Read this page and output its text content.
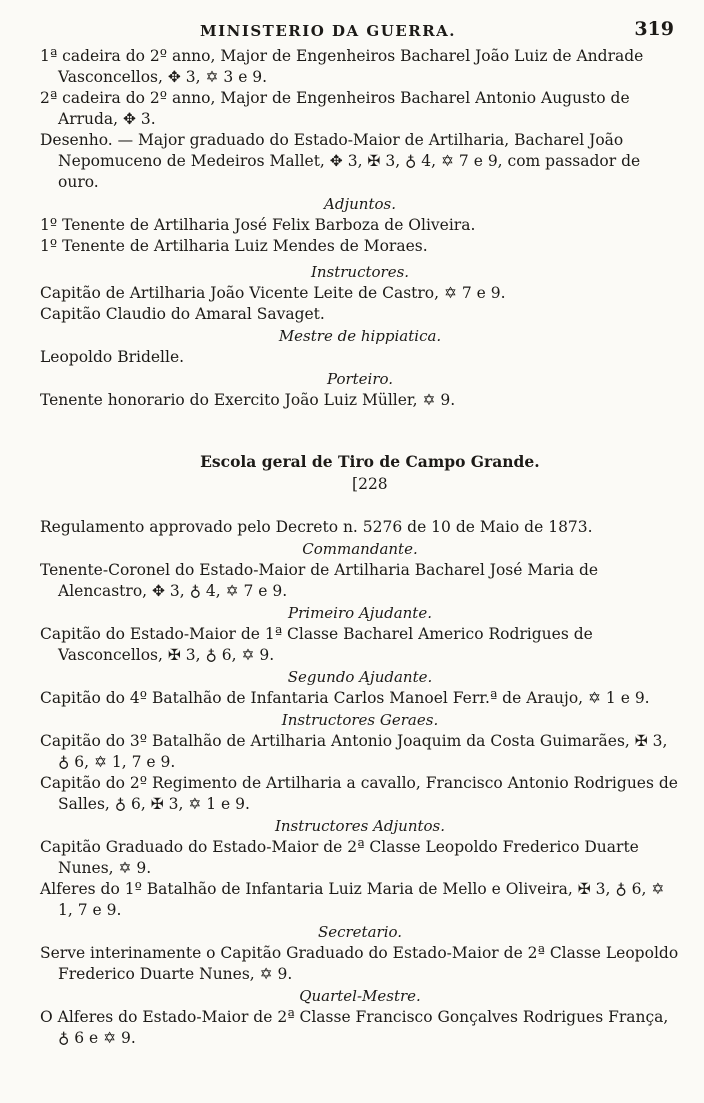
MINISTERIO DA GUERRA.	319
1ª cadeira do 2º anno, Major de Engenheiros Bacharel João Luiz de Andrade Vasconcellos, ✥ 3, ✡ 3 e 9.
2ª cadeira do 2º anno, Major de Engenheiros Bacharel Antonio Augusto de Arruda, ✥ 3.
Desenho. — Major graduado do Estado-Maior de Artilharia, Bacharel João Nepomuceno de Medeiros Mallet, ✥ 3, ✠ 3, ♁ 4, ✡ 7 e 9, com passador de ouro.
Adjuntos.
1º Tenente de Artilharia José Felix Barboza de Oliveira.
1º Tenente de Artilharia Luiz Mendes de Moraes.
Instructores.
Capitão de Artilharia João Vicente Leite de Castro, ✡ 7 e 9.
Capitão Claudio do Amaral Savaget.
Mestre de hippiatica.
Leopoldo Bridelle.
Porteiro.
Tenente honorario do Exercito João Luiz Müller, ✡ 9.

Escola geral de Tiro de Campo Grande.
[228

Regulamento approvado pelo Decreto n. 5276 de 10 de Maio de 1873.
Commandante.
Tenente-Coronel do Estado-Maior de Artilharia Bacharel José Maria de Alencastro, ✥ 3, ♁ 4, ✡ 7 e 9.
Primeiro Ajudante.
Capitão do Estado-Maior de 1ª Classe Bacharel Americo Rodrigues de Vasconcellos, ✠ 3, ♁ 6, ✡ 9.
Segundo Ajudante.
Capitão do 4º Batalhão de Infantaria Carlos Manoel Ferr.ª de Araujo, ✡ 1 e 9.
Instructores Geraes.
Capitão do 3º Batalhão de Artilharia Antonio Joaquim da Costa Guimarães, ✠ 3, ♁ 6, ✡ 1, 7 e 9.
Capitão do 2º Regimento de Artilharia a cavallo, Francisco Antonio Rodrigues de Salles, ♁ 6, ✠ 3, ✡ 1 e 9.
Instructores Adjuntos.
Capitão Graduado do Estado-Maior de 2ª Classe Leopoldo Frederico Duarte Nunes, ✡ 9.
Alferes do 1º Batalhão de Infantaria Luiz Maria de Mello e Oliveira, ✠ 3, ♁ 6, ✡ 1, 7 e 9.
Secretario.
Serve interinamente o Capitão Graduado do Estado-Maior de 2ª Classe Leopoldo Frederico Duarte Nunes, ✡ 9.
Quartel-Mestre.
O Alferes do Estado-Maior de 2ª Classe Francisco Gonçalves Rodrigues França, ♁ 6 e ✡ 9.
